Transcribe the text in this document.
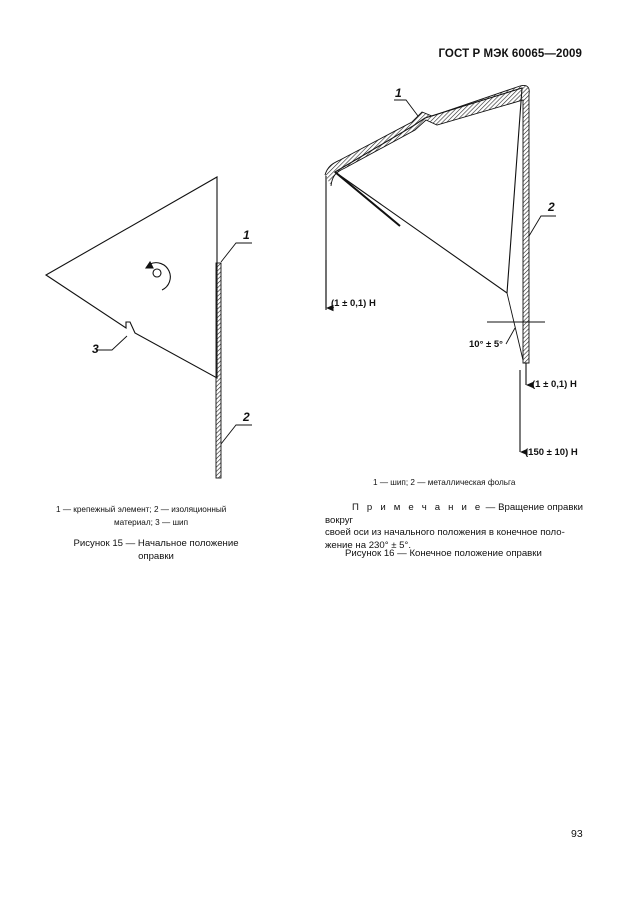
ГОСТ Р МЭК 60065—2009
1
2
3
1
2
(1 ± 0,1) Н
(1 ± 0,1) Н
(150 ± 10) Н
10° ± 5°
1 — крепежный элемент; 2 — изоляционный
материал; 3 — шип
Рисунок 15 — Начальное положение
оправки
1 — шип; 2 — металлическая фольга
П р и м е ч а н и е — Вращение оправки вокруг
своей оси из начального положения в конечное поло-
жение на 230° ± 5°.
Рисунок 16 — Конечное положение оправки
93
